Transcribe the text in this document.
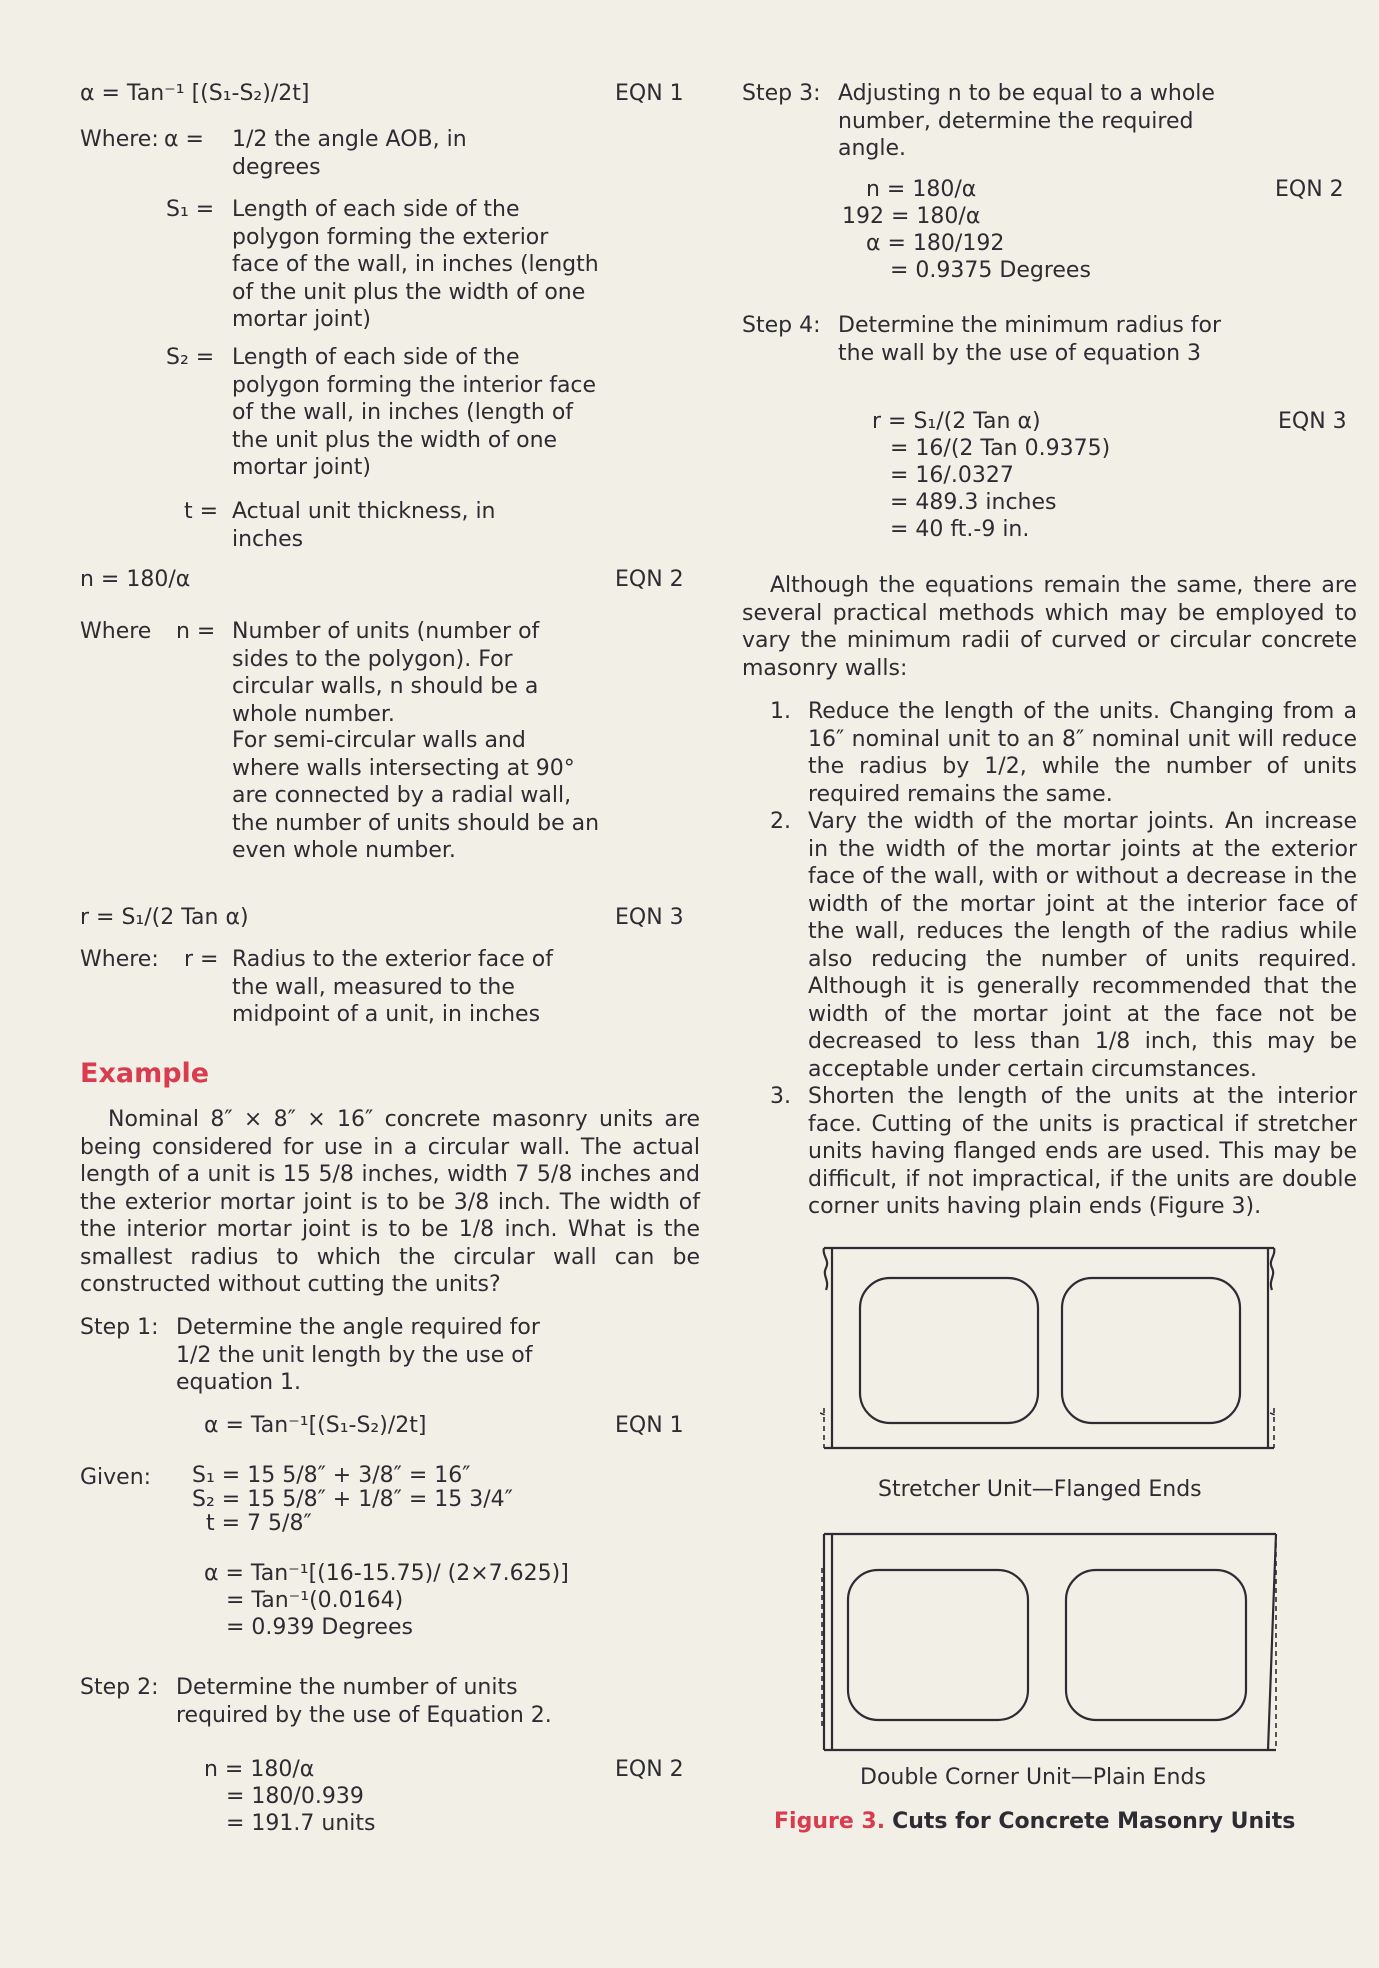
α = Tan⁻¹ [(S₁-S₂)/2t]	EQN 1
Where: α = 1/2 the angle AOB, in degrees
S₁ = Length of each side of the polygon forming the exterior face of the wall, in inches (length of the unit plus the width of one mortar joint)
S₂ = Length of each side of the polygon forming the interior face of the wall, in inches (length of the unit plus the width of one mortar joint)
t = Actual unit thickness, in inches
n = 180/α	EQN 2
Where n = Number of units (number of sides to the polygon). For circular walls, n should be a whole number.
For semi-circular walls and where walls intersecting at 90° are connected by a radial wall, the number of units should be an even whole number.
r = S₁/(2 Tan α)	EQN 3
Where: r = Radius to the exterior face of the wall, measured to the midpoint of a unit, in inches
Example
Nominal 8″ × 8″ × 16″ concrete masonry units are being considered for use in a circular wall. The actual length of a unit is 15 5/8 inches, width 7 5/8 inches and the exterior mortar joint is to be 3/8 inch. The width of the interior mortar joint is to be 1/8 inch. What is the smallest radius to which the circular wall can be constructed without cutting the units?
Step 1: Determine the angle required for 1/2 the unit length by the use of equation 1.
α = Tan⁻¹[(S₁-S₂)/2t]	EQN 1
Given: S₁ = 15 5/8″ + 3/8″ = 16″
S₂ = 15 5/8″ + 1/8″ = 15 3/4″
t = 7 5/8″
α = Tan⁻¹[(16-15.75)/ (2×7.625)]
= Tan⁻¹(0.0164)
= 0.939 Degrees
Step 2: Determine the number of units required by the use of Equation 2.
n = 180/α	EQN 2
= 180/0.939
= 191.7 units
Step 3: Adjusting n to be equal to a whole number, determine the required angle.
n = 180/α	EQN 2
192 = 180/α
α = 180/192
= 0.9375 Degrees
Step 4: Determine the minimum radius for the wall by the use of equation 3
r = S₁/(2 Tan α)	EQN 3
= 16/(2 Tan 0.9375)
= 16/.0327
= 489.3 inches
= 40 ft.-9 in.
Although the equations remain the same, there are several practical methods which may be employed to vary the minimum radii of curved or circular concrete masonry walls:
1. Reduce the length of the units. Changing from a 16″ nominal unit to an 8″ nominal unit will reduce the radius by 1/2, while the number of units required remains the same.
2. Vary the width of the mortar joints. An increase in the width of the mortar joints at the exterior face of the wall, with or without a decrease in the width of the mortar joint at the interior face of the wall, reduces the length of the radius while also reducing the number of units required. Although it is generally recommended that the width of the mortar joint at the face not be decreased to less than 1/8 inch, this may be acceptable under certain circumstances.
3. Shorten the length of the units at the interior face. Cutting of the units is practical if stretcher units having flanged ends are used. This may be difficult, if not impractical, if the units are double corner units having plain ends (Figure 3).
Stretcher Unit—Flanged Ends
Double Corner Unit—Plain Ends
Figure 3. Cuts for Concrete Masonry Units
